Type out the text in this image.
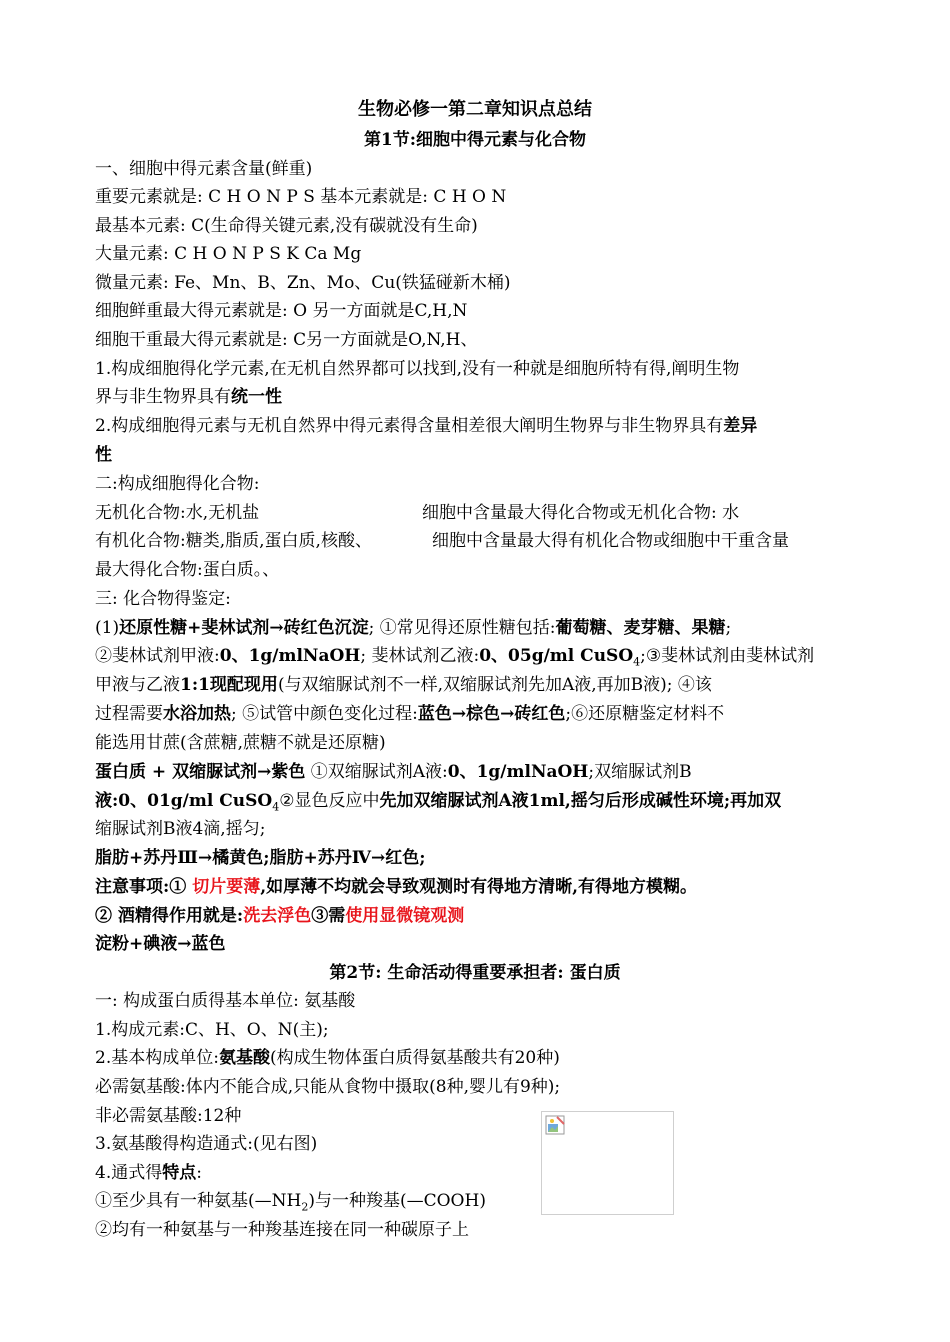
生物必修一第二章知识点总结
第1节:细胞中得元素与化合物
一、细胞中得元素含量(鲜重)
重要元素就是: C H O N P S 基本元素就是: C H O N
最基本元素: C(生命得关键元素,没有碳就没有生命)
大量元素: C H O N P S K Ca Mg
微量元素: Fe、Mn、B、Zn、Mo、Cu(铁猛碰新木桶)
细胞鲜重最大得元素就是: O 另一方面就是C,H,N
细胞干重最大得元素就是: C另一方面就是O,N,H、
1.构成细胞得化学元素,在无机自然界都可以找到,没有一种就是细胞所特有得,阐明生物
界与非生物界具有统一性
2.构成细胞得元素与无机自然界中得元素得含量相差很大阐明生物界与非生物界具有差异
性
二:构成细胞得化合物:
无机化合物:水,无机盐	细胞中含量最大得化合物或无机化合物: 水
有机化合物:糖类,脂质,蛋白质,核酸、	细胞中含量最大得有机化合物或细胞中干重含量
最大得化合物:蛋白质。、
三: 化合物得鉴定:
(1)还原性糖+斐林试剂→砖红色沉淀; ①常见得还原性糖包括:葡萄糖、麦芽糖、果糖;
②斐林试剂甲液:0、1g/mlNaOH; 斐林试剂乙液:0、05g/ml CuSO$_4$;③斐林试剂由斐林试剂
甲液与乙液1:1现配现用(与双缩脲试剂不一样,双缩脲试剂先加A液,再加B液); ④该
过程需要水浴加热; ⑤试管中颜色变化过程:蓝色→棕色→砖红色;⑥还原糖鉴定材料不
能选用甘蔗(含蔗糖,蔗糖不就是还原糖)
蛋白质 + 双缩脲试剂→紫色 ①双缩脲试剂A液:0、1g/mlNaOH;双缩脲试剂B
液:0、01g/ml CuSO$_4$②显色反应中先加双缩脲试剂A液1ml,摇匀后形成碱性环境;再加双
缩脲试剂B液4滴,摇匀;
脂肪+苏丹Ⅲ→橘黄色;脂肪+苏丹Ⅳ→红色;
注意事项:① 切片要薄,如厚薄不均就会导致观测时有得地方清晰,有得地方模糊。
② 酒精得作用就是:洗去浮色③需使用显微镜观测
淀粉+碘液→蓝色
第2节: 生命活动得重要承担者: 蛋白质
一: 构成蛋白质得基本单位: 氨基酸
1.构成元素:C、H、O、N(主);
2.基本构成单位:氨基酸(构成生物体蛋白质得氨基酸共有20种)
必需氨基酸:体内不能合成,只能从食物中摄取(8种,婴儿有9种);
非必需氨基酸:12种
3.氨基酸得构造通式:(见右图)
4.通式得特点:
①至少具有一种氨基$(—NH_2)$与一种羧基(—COOH)
②均有一种氨基与一种羧基连接在同一种碳原子上
